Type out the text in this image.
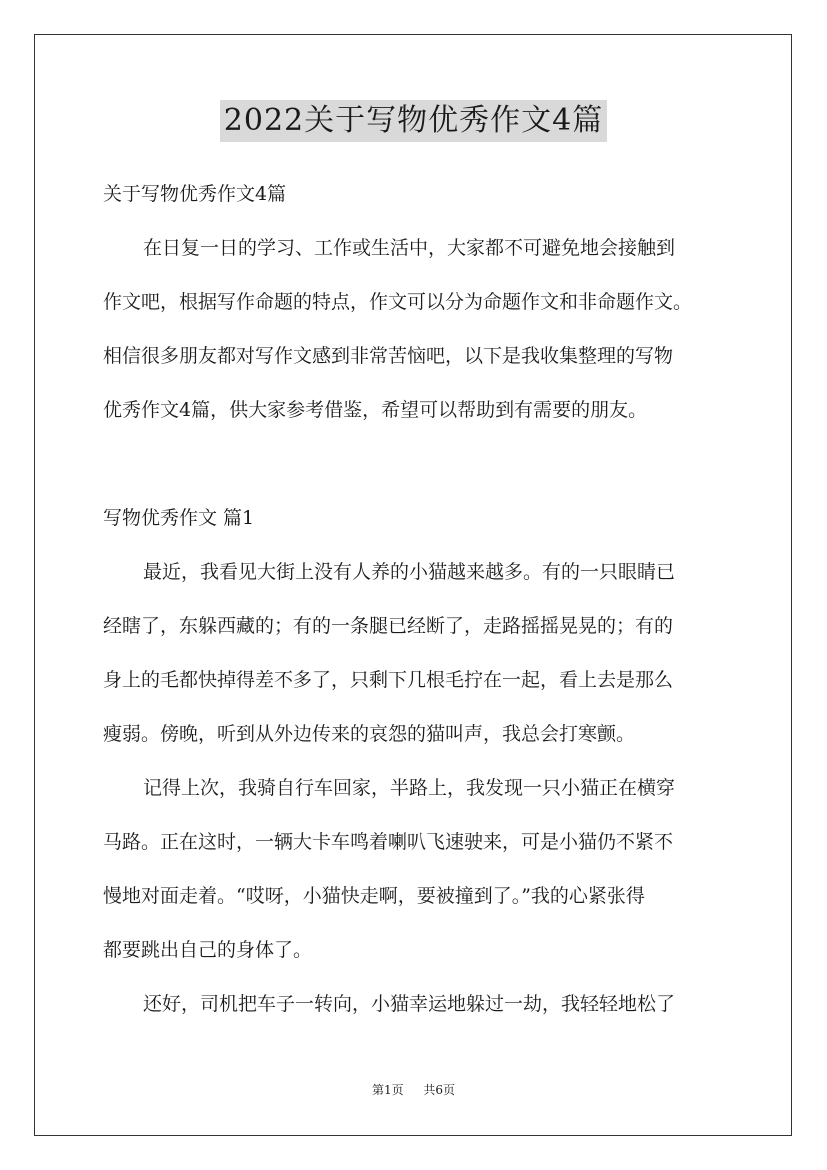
2022关于写物优秀作文4篇
关于写物优秀作文4篇
在日复一日的学习、工作或生活中，大家都不可避免地会接触到
作文吧，根据写作命题的特点，作文可以分为命题作文和非命题作文。
相信很多朋友都对写作文感到非常苦恼吧，以下是我收集整理的写物
优秀作文4篇，供大家参考借鉴，希望可以帮助到有需要的朋友。
写物优秀作文 篇1
最近，我看见大街上没有人养的小猫越来越多。有的一只眼睛已
经瞎了，东躲西藏的；有的一条腿已经断了，走路摇摇晃晃的；有的
身上的毛都快掉得差不多了，只剩下几根毛拧在一起，看上去是那么
瘦弱。傍晚，听到从外边传来的哀怨的猫叫声，我总会打寒颤。
记得上次，我骑自行车回家，半路上，我发现一只小猫正在横穿
马路。正在这时，一辆大卡车鸣着喇叭飞速驶来，可是小猫仍不紧不
慢地对面走着。“哎呀，小猫快走啊，要被撞到了。”我的心紧张得
都要跳出自己的身体了。
还好，司机把车子一转向，小猫幸运地躲过一劫，我轻轻地松了
第1页 共6页
